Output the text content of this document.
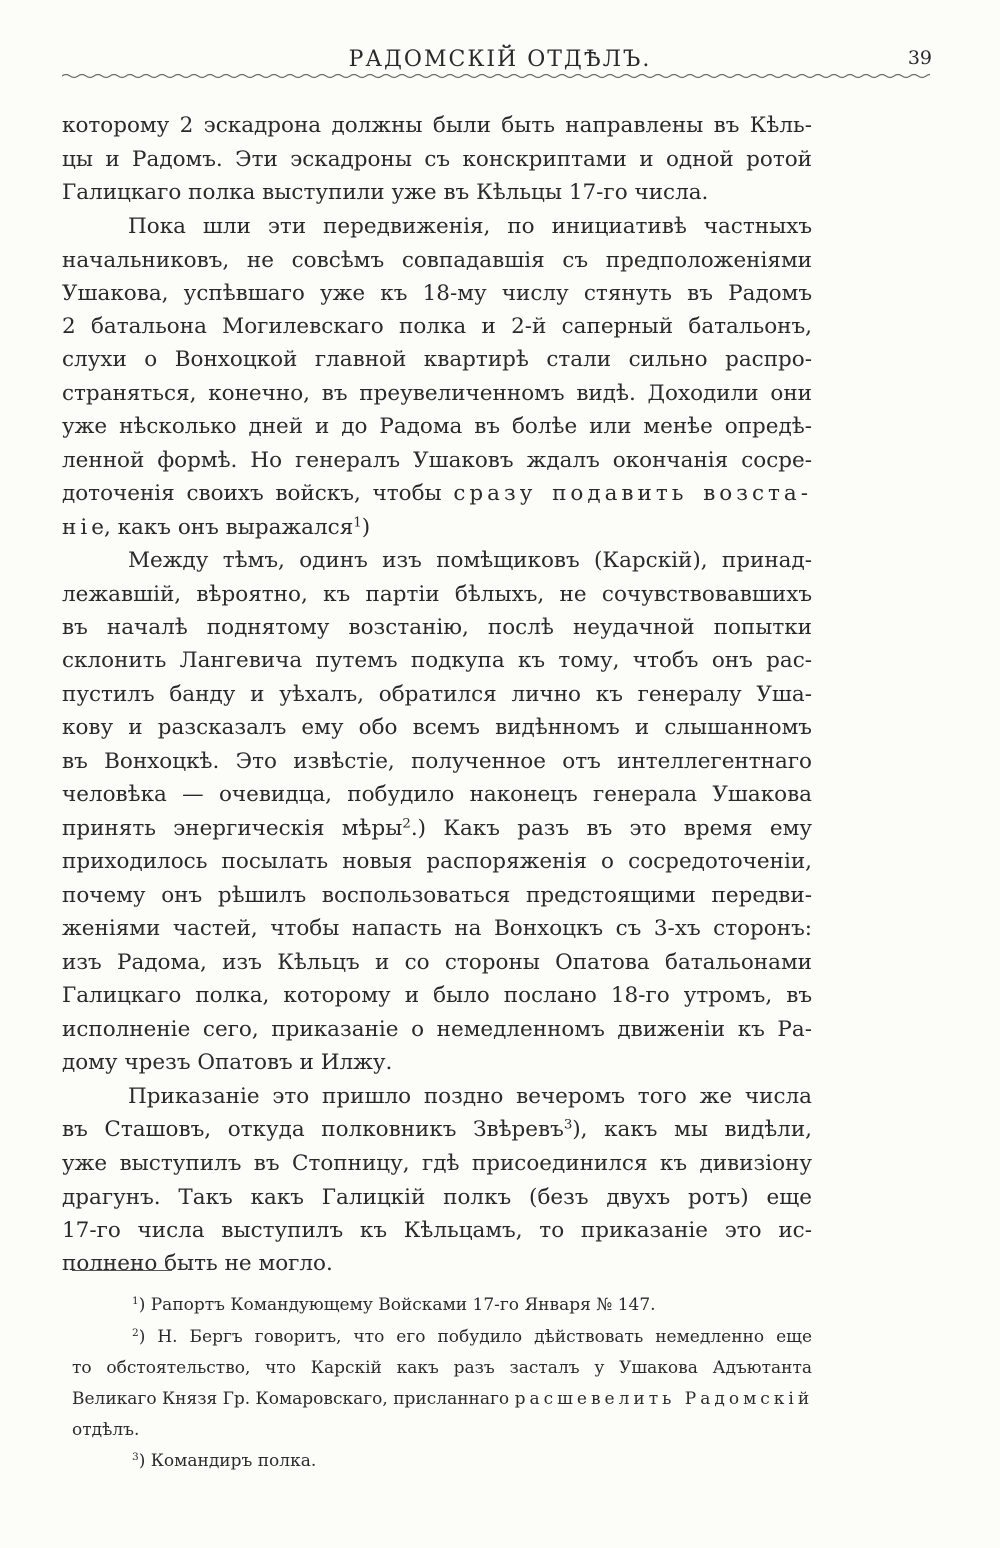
РАДОМСКІЙ ОТДѢЛЪ.	39
которому 2 эскадрона должны были быть направлены въ Кѣль-
цы и Радомъ. Эти эскадроны съ конскриптами и одной ротой
Галицкаго полка выступили уже въ Кѣльцы 17-го числа.
Пока шли эти передвиженія, по инициативѣ частныхъ
начальниковъ, не совсѣмъ совпадавшія съ предположеніями
Ушакова, успѣвшаго уже къ 18-му числу стянуть въ Радомъ
2 батальона Могилевскаго полка и 2-й саперный батальонъ,
слухи о Вонхоцкой главной квартирѣ стали сильно распро-
страняться, конечно, въ преувеличенномъ видѣ. Доходили они
уже нѣсколько дней и до Радома въ болѣе или менѣе опредѣ-
ленной формѣ. Но генералъ Ушаковъ ждалъ окончанія сосре-
доточенія своихъ войскъ, чтобы сразу подавить возста-
ніе, какъ онъ выражался$^1$)
Между тѣмъ, одинъ изъ помѣщиковъ (Карскій), принад-
лежавшій, вѣроятно, къ партіи бѣлыхъ, не сочувствовавшихъ
въ началѣ поднятому возстанію, послѣ неудачной попытки
склонить Лангевича путемъ подкупа къ тому, чтобъ онъ рас-
пустилъ банду и уѣхалъ, обратился лично къ генералу Уша-
кову и разсказалъ ему обо всемъ видѣнномъ и слышанномъ
въ Вонхоцкѣ. Это извѣстіе, полученное отъ интеллегентнаго
человѣка — очевидца, побудило наконецъ генерала Ушакова
принять энергическія мѣры$^2$.) Какъ разъ въ это время ему
приходилось посылать новыя распоряженія о сосредоточеніи,
почему онъ рѣшилъ воспользоваться предстоящими передви-
женіями частей, чтобы напасть на Вонхоцкъ съ 3-хъ сторонъ:
изъ Радома, изъ Кѣльцъ и со стороны Опатова батальонами
Галицкаго полка, которому и было послано 18-го утромъ, въ
исполненіе сего, приказаніе о немедленномъ движеніи къ Ра-
дому чрезъ Опатовъ и Илжу.
Приказаніе это пришло поздно вечеромъ того же числа
въ Сташовъ, откуда полковникъ Звѣревъ$^3$), какъ мы видѣли,
уже выступилъ въ Стопницу, гдѣ присоединился къ дивизіону
драгунъ. Такъ какъ Галицкій полкъ (безъ двухъ ротъ) еще
17-го числа выступилъ къ Кѣльцамъ, то приказаніе это ис-
полнено быть не могло.
$^1$) Рапортъ Командующему Войсками 17-го Января № 147.
$^2$) Н. Бергъ говоритъ, что его побудило дѣйствовать немедленно еще
то обстоятельство, что Карскій какъ разъ засталъ у Ушакова Адъютанта
Великаго Князя Гр. Комаровскаго, присланнаго расшевелить Радомскій
отдѣлъ.
$^3$) Командиръ полка.
